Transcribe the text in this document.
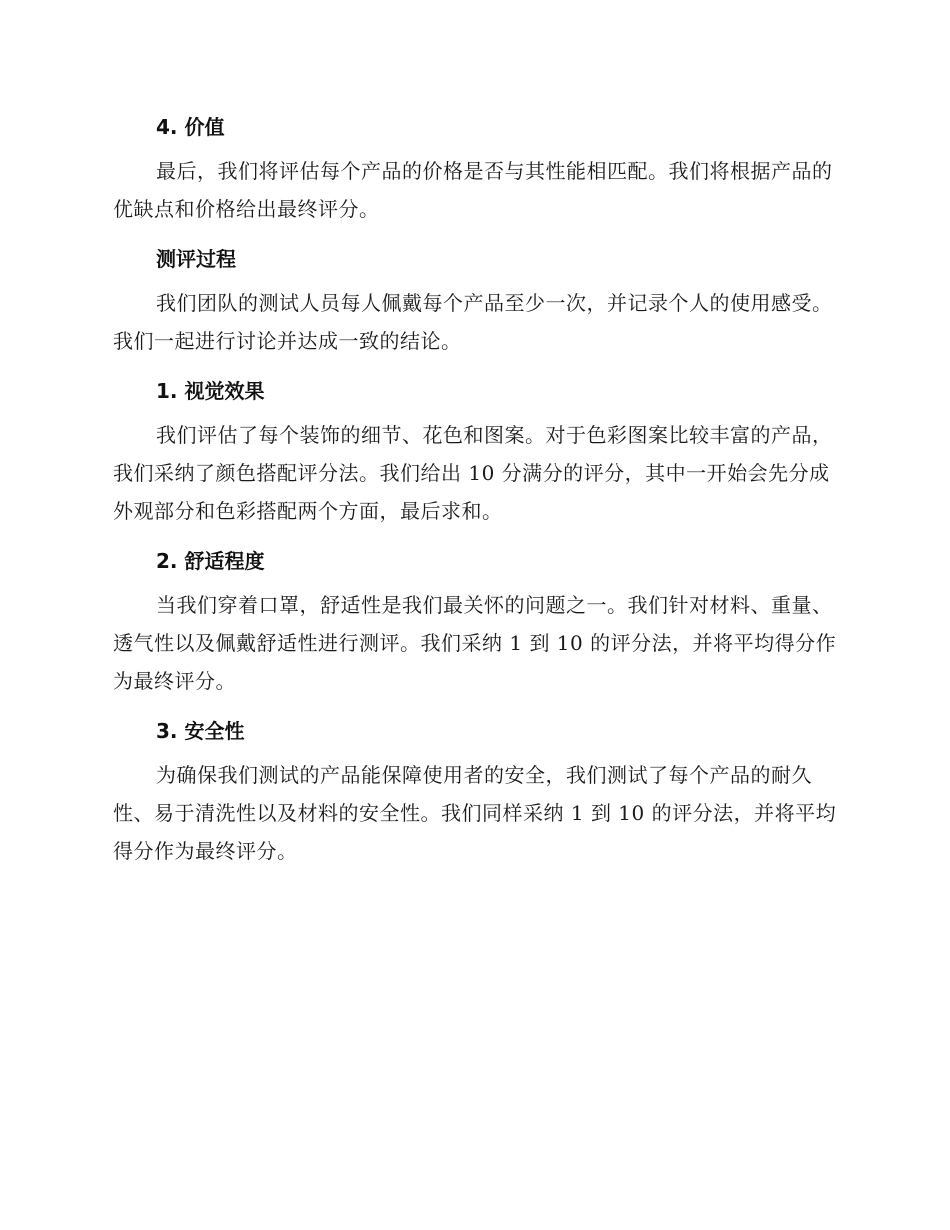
4. 价值

最后，我们将评估每个产品的价格是否与其性能相匹配。我们将根据产品的优缺点和价格给出最终评分。

测评过程

我们团队的测试人员每人佩戴每个产品至少一次，并记录个人的使用感受。我们一起进行讨论并达成一致的结论。

1. 视觉效果

我们评估了每个装饰的细节、花色和图案。对于色彩图案比较丰富的产品，我们采纳了颜色搭配评分法。我们给出 10 分满分的评分，其中一开始会先分成外观部分和色彩搭配两个方面，最后求和。

2. 舒适程度

当我们穿着口罩，舒适性是我们最关怀的问题之一。我们针对材料、重量、透气性以及佩戴舒适性进行测评。我们采纳 1 到 10 的评分法，并将平均得分作为最终评分。

3. 安全性

为确保我们测试的产品能保障使用者的安全，我们测试了每个产品的耐久性、易于清洗性以及材料的安全性。我们同样采纳 1 到 10 的评分法，并将平均得分作为最终评分。
